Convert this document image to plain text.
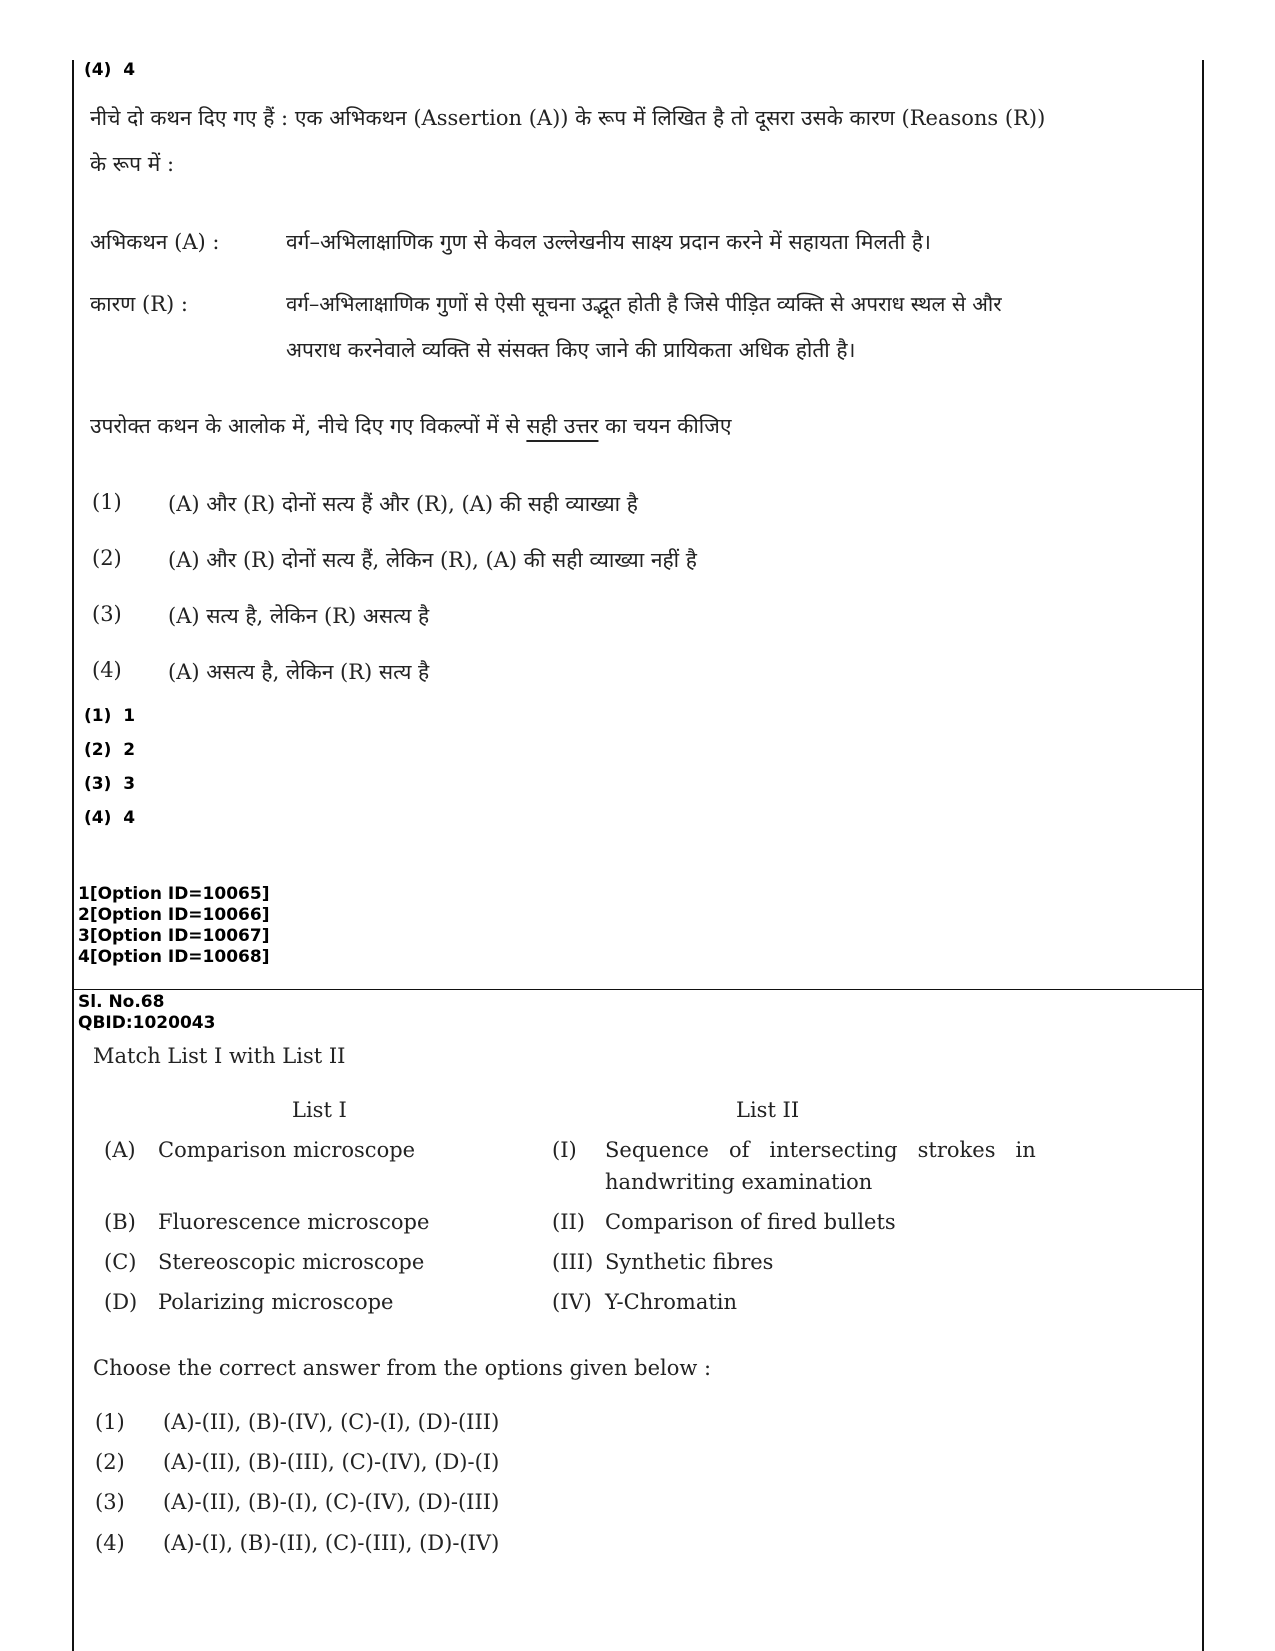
(4) 4
नीचे दो कथन दिए गए हैं : एक अभिकथन (Assertion (A)) के रूप में लिखित है तो दूसरा उसके कारण (Reasons (R))
के रूप में :
अभिकथन (A) :	वर्ग–अभिलाक्षाणिक गुण से केवल उल्लेखनीय साक्ष्य प्रदान करने में सहायता मिलती है।
कारण (R) :	वर्ग–अभिलाक्षाणिक गुणों से ऐसी सूचना उद्भूत होती है जिसे पीड़ित व्यक्ति से अपराध स्थल से और
अपराध करनेवाले व्यक्ति से संसक्त किए जाने की प्रायिकता अधिक होती है।
उपरोक्त कथन के आलोक में, नीचे दिए गए विकल्पों में से सही उत्तर का चयन कीजिए
(1) (A) और (R) दोनों सत्य हैं और (R), (A) की सही व्याख्या है
(2) (A) और (R) दोनों सत्य हैं, लेकिन (R), (A) की सही व्याख्या नहीं है
(3) (A) सत्य है, लेकिन (R) असत्य है
(4) (A) असत्य है, लेकिन (R) सत्य है
(1) 1
(2) 2
(3) 3
(4) 4
1[Option ID=10065]
2[Option ID=10066]
3[Option ID=10067]
4[Option ID=10068]
Sl. No.68
QBID:1020043
Match List I with List II
List I	List II
(A) Comparison microscope	(I) Sequence   of   intersecting   strokes   in
handwriting examination
(B) Fluorescence microscope	(II) Comparison of fired bullets
(C) Stereoscopic microscope	(III) Synthetic fibres
(D) Polarizing microscope	(IV) Y-Chromatin
Choose the correct answer from the options given below :
(1) (A)-(II), (B)-(IV), (C)-(I), (D)-(III)
(2) (A)-(II), (B)-(III), (C)-(IV), (D)-(I)
(3) (A)-(II), (B)-(I), (C)-(IV), (D)-(III)
(4) (A)-(I), (B)-(II), (C)-(III), (D)-(IV)
